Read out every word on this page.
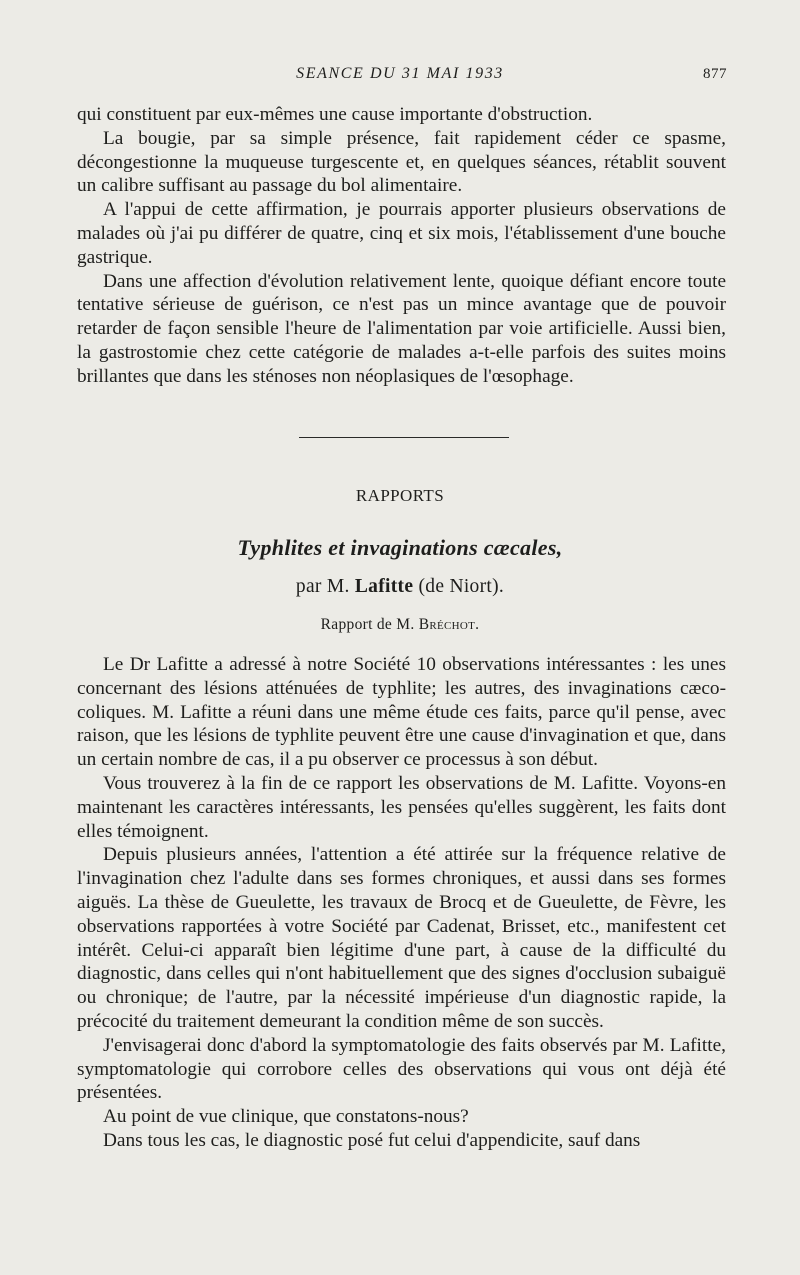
SEANCE DU 31 MAI 1933	877

qui constituent par eux-mêmes une cause importante d'obstruction.

La bougie, par sa simple présence, fait rapidement céder ce spasme, décongestionne la muqueuse turgescente et, en quelques séances, rétablit souvent un calibre suffisant au passage du bol alimentaire.

A l'appui de cette affirmation, je pourrais apporter plusieurs observations de malades où j'ai pu différer de quatre, cinq et six mois, l'établissement d'une bouche gastrique.

Dans une affection d'évolution relativement lente, quoique défiant encore toute tentative sérieuse de guérison, ce n'est pas un mince avantage que de pouvoir retarder de façon sensible l'heure de l'alimentation par voie artificielle. Aussi bien, la gastrostomie chez cette catégorie de malades a-t-elle parfois des suites moins brillantes que dans les sténoses non néoplasiques de l'œsophage.

RAPPORTS
Typhlites et invaginations cæcales,
par M. Lafitte (de Niort).
Rapport de M. Bréchot.

Le Dr Lafitte a adressé à notre Société 10 observations intéressantes : les unes concernant des lésions atténuées de typhlite; les autres, des invaginations cæco-coliques. M. Lafitte a réuni dans une même étude ces faits, parce qu'il pense, avec raison, que les lésions de typhlite peuvent être une cause d'invagination et que, dans un certain nombre de cas, il a pu observer ce processus à son début.

Vous trouverez à la fin de ce rapport les observations de M. Lafitte. Voyons-en maintenant les caractères intéressants, les pensées qu'elles suggèrent, les faits dont elles témoignent.

Depuis plusieurs années, l'attention a été attirée sur la fréquence relative de l'invagination chez l'adulte dans ses formes chroniques, et aussi dans ses formes aiguës. La thèse de Gueulette, les travaux de Brocq et de Gueulette, de Fèvre, les observations rapportées à votre Société par Cadenat, Brisset, etc., manifestent cet intérêt. Celui-ci apparaît bien légitime d'une part, à cause de la difficulté du diagnostic, dans celles qui n'ont habituellement que des signes d'occlusion subaiguë ou chronique; de l'autre, par la nécessité impérieuse d'un diagnostic rapide, la précocité du traitement demeurant la condition même de son succès.

J'envisagerai donc d'abord la symptomatologie des faits observés par M. Lafitte, symptomatologie qui corrobore celles des observations qui vous ont déjà été présentées.

Au point de vue clinique, que constatons-nous?

Dans tous les cas, le diagnostic posé fut celui d'appendicite, sauf dans
